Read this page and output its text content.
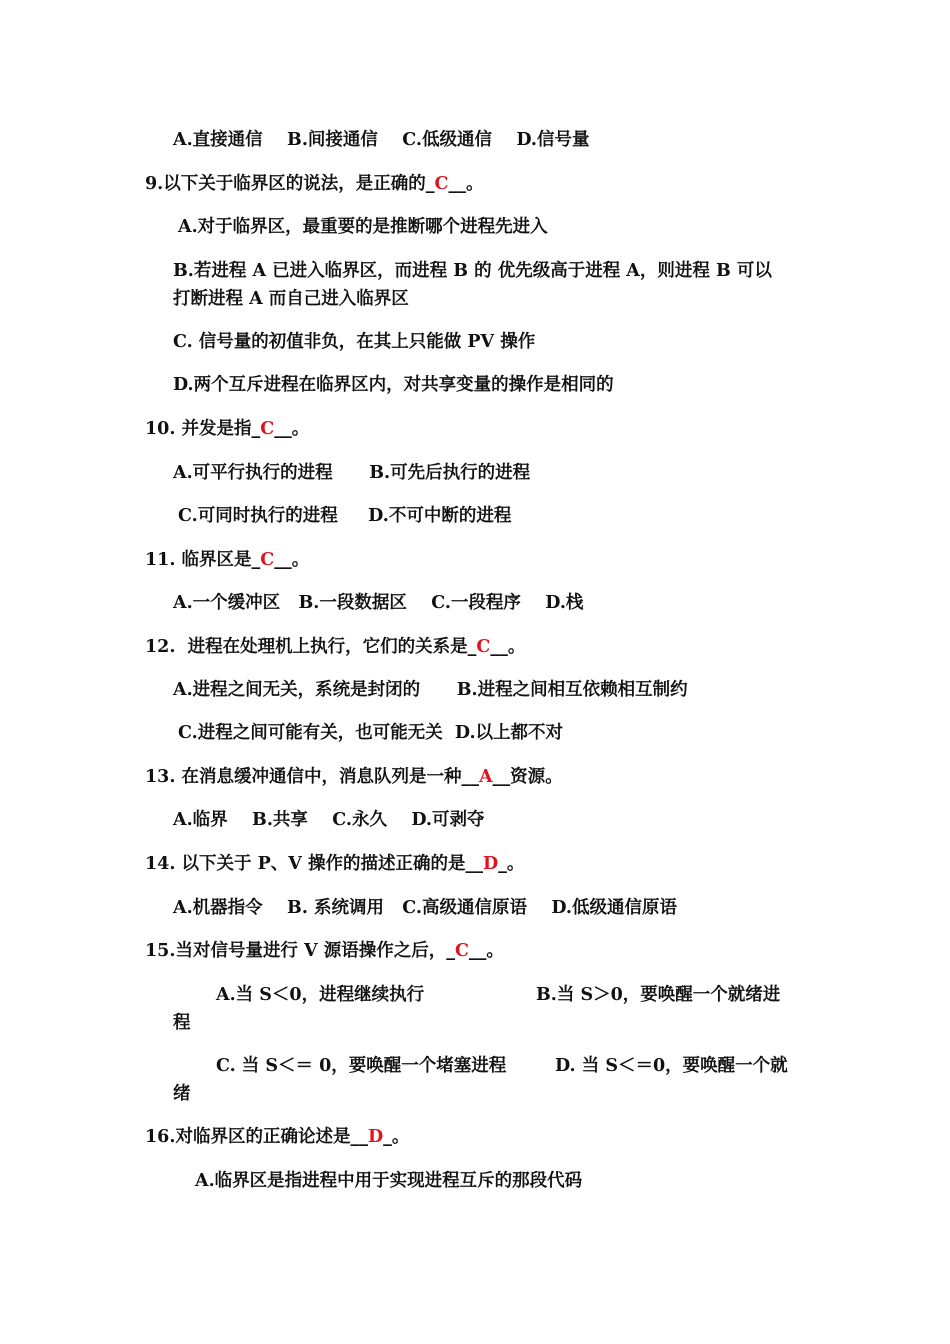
A.直接通信    B.间接通信    C.低级通信    D.信号量
9.以下关于临界区的说法，是正确的_C__。
A.对于临界区，最重要的是推断哪个进程先进入
B.若进程 A 已进入临界区，而进程 B 的 优先级高于进程 A，则进程 B 可以
打断进程 A 而自己进入临界区
C. 信号量的初值非负，在其上只能做 PV 操作
D.两个互斥进程在临界区内，对共享变量的操作是相同的
10. 并发是指_C__。
A.可平行执行的进程      B.可先后执行的进程
C.可同时执行的进程     D.不可中断的进程
11. 临界区是_C__。
A.一个缓冲区   B.一段数据区    C.一段程序    D.栈
12.  进程在处理机上执行，它们的关系是_C__。
A.进程之间无关，系统是封闭的      B.进程之间相互依赖相互制约
C.进程之间可能有关，也可能无关  D.以上都不对
13. 在消息缓冲通信中，消息队列是一种__A__资源。
A.临界    B.共享    C.永久    D.可剥夺
14. 以下关于 P、V 操作的描述正确的是__D_。
A.机器指令    B. 系统调用   C.高级通信原语    D.低级通信原语
15.当对信号量进行 V 源语操作之后，_C__。
A.当 S＜0，进程继续执行	B.当 S＞0，要唤醒一个就绪进
程
C. 当 S＜＝ 0，要唤醒一个堵塞进程	D. 当 S＜＝0，要唤醒一个就
绪
16.对临界区的正确论述是__D_。
A.临界区是指进程中用于实现进程互斥的那段代码
